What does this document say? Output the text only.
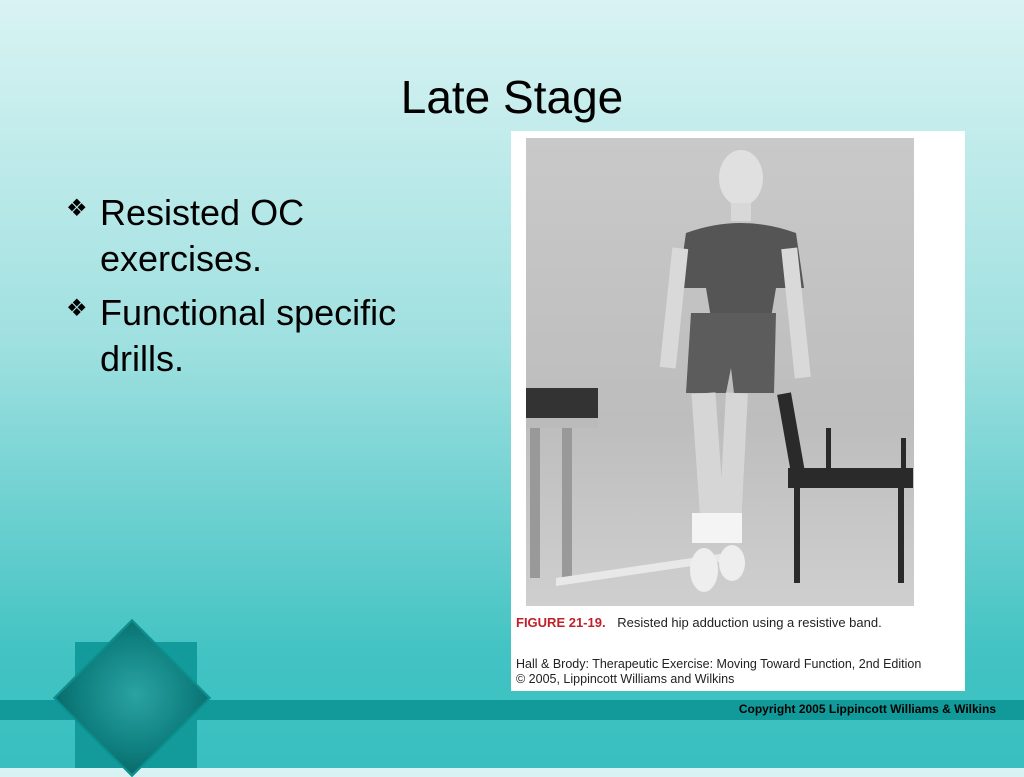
Late Stage
❖ Resisted OC exercises.
❖ Functional specific drills.
FIGURE 21-19. Resisted hip adduction using a resistive band.
Hall & Brody: Therapeutic Exercise: Moving Toward Function, 2nd Edition
© 2005, Lippincott Williams and Wilkins
Copyright 2005 Lippincott Williams & Wilkins
